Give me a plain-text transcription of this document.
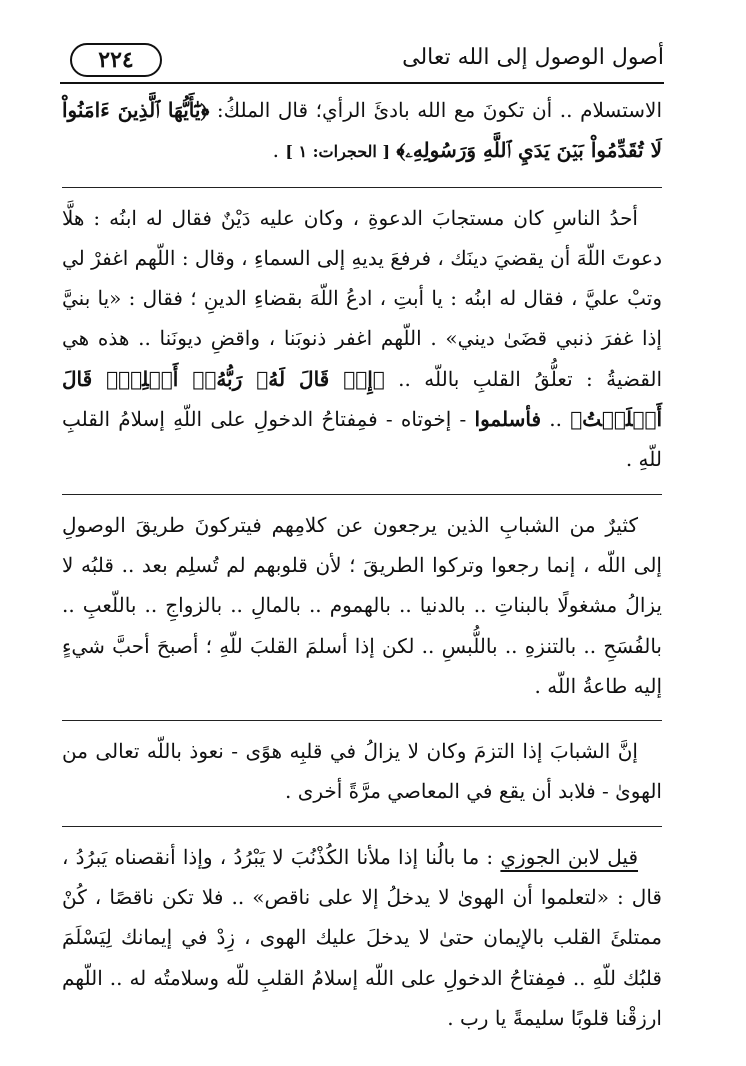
٢٢٤	أصول الوصول إلى الله تعالى

الاستسلام .. أن تكونَ مع الله بادئَ الرأي؛ قال الملكُ: ﴿يَٰٓأَيُّهَا ٱلَّذِينَ ءَامَنُواْ لَا تُقَدِّمُواْ بَيۡنَ يَدَيِ ٱللَّهِ وَرَسُولِهِۦ﴾ [ الحجرات: ١ ] .

أحدُ الناسِ كان مستجابَ الدعوةِ ، وكان عليه دَيْنٌ فقال له ابنُه : هلَّا دعوتَ اللّهَ أن يقضيَ دينَك ، فرفعَ يديهِ إلى السماءِ ، وقال : اللّهم اغفرْ لي وتبْ عليَّ ، فقال له ابنُه : يا أبتِ ، ادعُ اللّهَ بقضاءِ الدينِ ؛ فقال : «يا بنيَّ إذا غفرَ ذنبي قضَىٰ ديني» . اللّهم اغفر ذنوبَنا ، واقضِ ديونَنا .. هذه هي القضيةُ : تعلُّقُ القلبِ باللّه .. ﴿إِذۡ قَالَ لَهُۥ رَبُّهُۥٓ أَسۡلِمۡۖ قَالَ أَسۡلَمۡتُ﴾ .. فأسلموا - إخوتاه - فمِفتاحُ الدخولِ على اللّهِ إسلامُ القلبِ للّهِ .

كثيرٌ من الشبابِ الذين يرجعون عن كلامِهم فيتركونَ طريقَ الوصولِ إلى اللّه ، إنما رجعوا وتركوا الطريقَ ؛ لأن قلوبهم لم تُسلِم بعد .. قلبُه لا يزالُ مشغولًا بالبناتِ .. بالدنيا .. بالهموم .. بالمالِ .. بالزواجِ .. باللّعبِ .. بالفُسَحِ .. بالتنزهِ .. باللُّبسِ .. لكن إذا أسلمَ القلبَ للّهِ ؛ أصبحَ أحبَّ شيءٍ إليه طاعةُ اللّه .

إنَّ الشبابَ إذا التزمَ وكان لا يزالُ في قلبِه هوًى - نعوذ باللّه تعالى من الهوىٰ - فلابد أن يقع في المعاصي مرَّةً أخرى .

قيل لابن الجوزي : ما بالُنا إذا ملأنا الكُذْنُبَ لا يَبْرُدُ ، وإذا أنقصناه يَبرُدُ ، قال : «لتعلموا أن الهوىٰ لا يدخلُ إلا على ناقص» .. فلا تكن ناقصًا ، كُنْ ممتلئَ القلب بالإيمان حتىٰ لا يدخلَ عليك الهوى ، زِدْ في إيمانك لِيَسْلَمَ قلبُك للّهِ .. فمِفتاحُ الدخولِ على اللّه إسلامُ القلبِ للّه وسلامتُه له .. اللّهم ارزقْنا قلوبًا سليمةً يا رب .
